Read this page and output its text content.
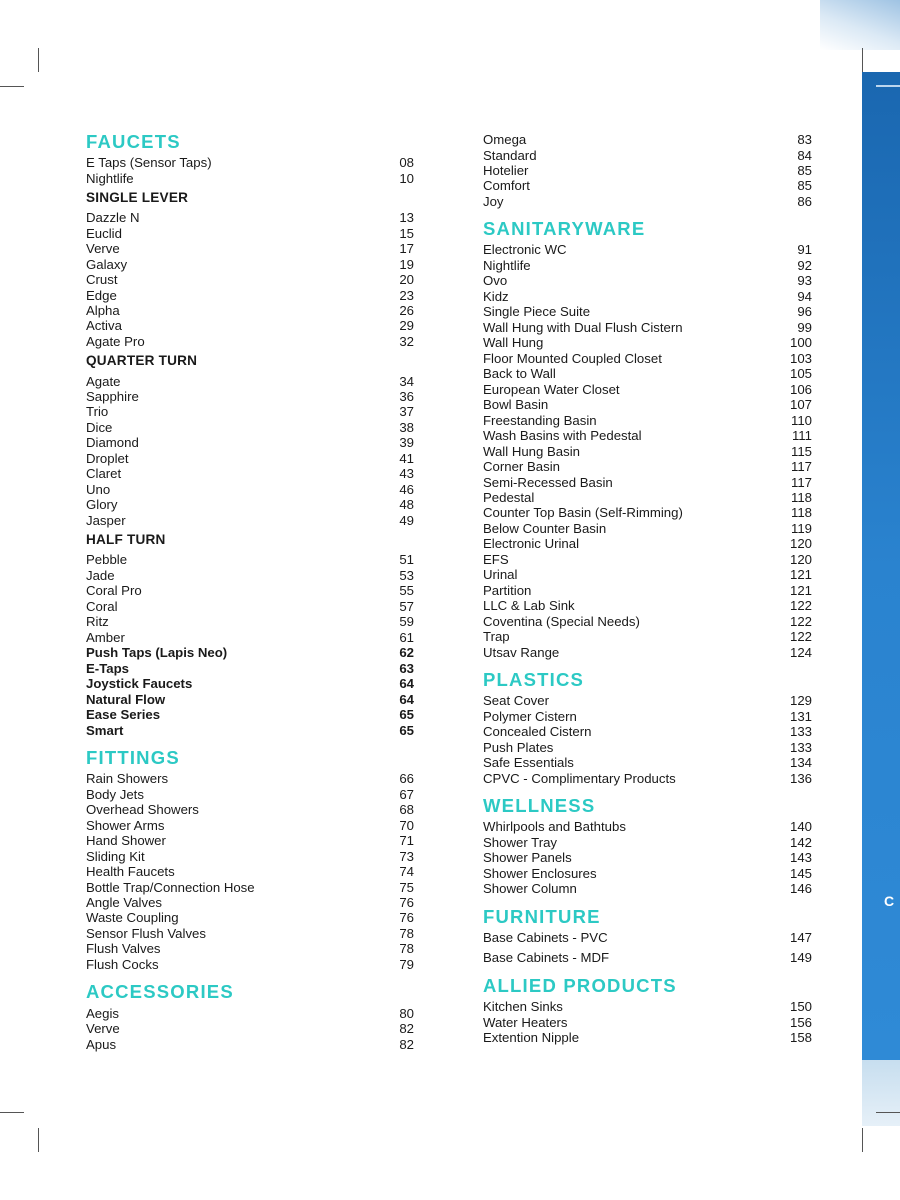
C
FAUCETS
E Taps (Sensor Taps)	08
Nightlife	10
SINGLE LEVER
Dazzle N	13
Euclid	15
Verve	17
Galaxy	19
Crust	20
Edge	23
Alpha	26
Activa	29
Agate Pro	32
QUARTER TURN
Agate	34
Sapphire	36
Trio	37
Dice	38
Diamond	39
Droplet	41
Claret	43
Uno	46
Glory	48
Jasper	49
HALF TURN
Pebble	51
Jade	53
Coral Pro	55
Coral	57
Ritz	59
Amber	61
Push Taps (Lapis Neo)	62
E-Taps	63
Joystick Faucets	64
Natural Flow	64
Ease Series	65
Smart	65
FITTINGS
Rain Showers	66
Body Jets	67
Overhead Showers	68
Shower Arms	70
Hand Shower	71
Sliding Kit	73
Health Faucets	74
Bottle Trap/Connection Hose	75
Angle Valves	76
Waste Coupling	76
Sensor Flush Valves	78
Flush Valves	78
Flush Cocks	79
ACCESSORIES
Aegis	80
Verve	82
Apus	82
Omega	83
Standard	84
Hotelier	85
Comfort	85
Joy	86
SANITARYWARE
Electronic WC	91
Nightlife	92
Ovo	93
Kidz	94
Single Piece Suite	96
Wall Hung with Dual Flush Cistern	99
Wall Hung	100
Floor Mounted Coupled Closet	103
Back to Wall	105
European Water Closet	106
Bowl Basin	107
Freestanding Basin	110
Wash Basins with Pedestal	111
Wall Hung Basin	115
Corner Basin	117
Semi-Recessed Basin	117
Pedestal	118
Counter Top Basin (Self-Rimming)	118
Below Counter Basin	119
Electronic Urinal	120
EFS	120
Urinal	121
Partition	121
LLC & Lab Sink	122
Coventina (Special Needs)	122
Trap	122
Utsav Range	124
PLASTICS
Seat Cover	129
Polymer Cistern	131
Concealed Cistern	133
Push Plates	133
Safe Essentials	134
CPVC - Complimentary Products	136
WELLNESS
Whirlpools and Bathtubs	140
Shower Tray	142
Shower Panels	143
Shower Enclosures	145
Shower Column	146
FURNITURE
Base Cabinets - PVC	147
Base Cabinets - MDF	149
ALLIED PRODUCTS
Kitchen Sinks	150
Water Heaters	156
Extention Nipple	158
